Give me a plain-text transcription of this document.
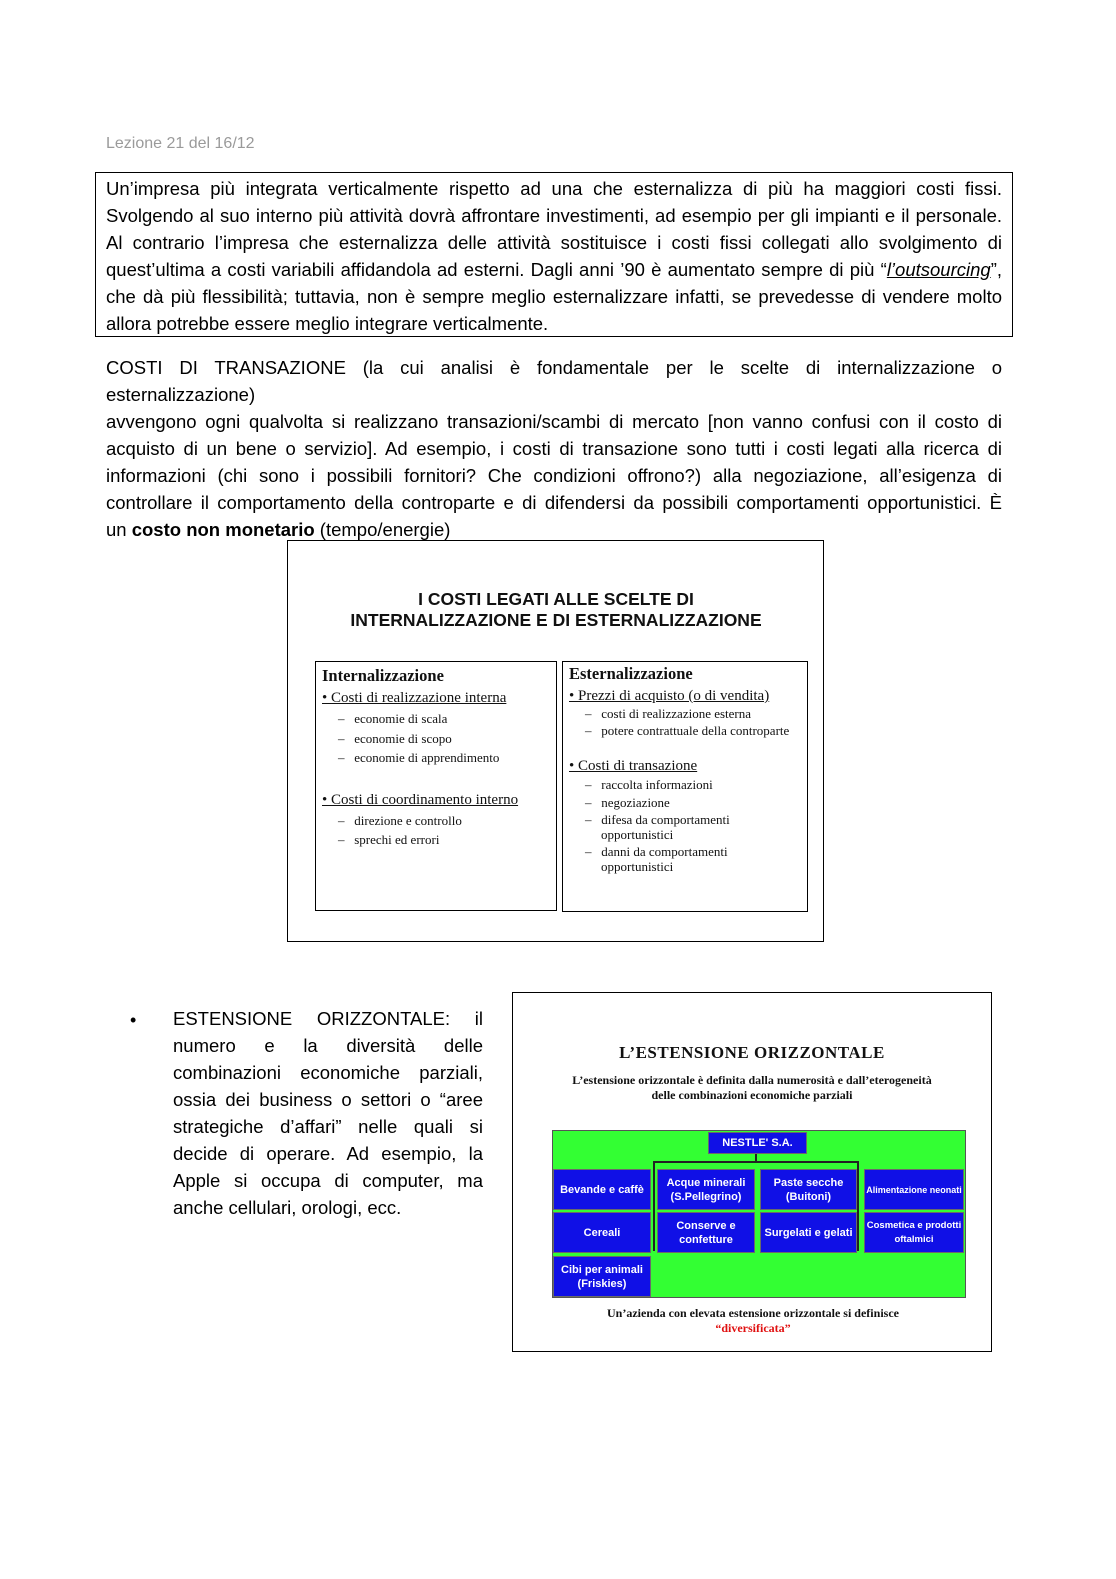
Lezione 21 del 16/12
Un’impresa più integrata verticalmente rispetto ad una che esternalizza di più ha maggiori costi fissi.
Svolgendo al suo interno più attività dovrà affrontare investimenti, ad esempio per gli impianti e il personale.
Al contrario l’impresa che esternalizza delle attività sostituisce i costi fissi collegati allo svolgimento di
quest’ultima a costi variabili affidandola ad esterni. Dagli anni ’90 è aumentato sempre di più “l’outsourcing”,
che dà più flessibilità; tuttavia, non è sempre meglio esternalizzare infatti, se prevedesse di vendere molto
allora potrebbe essere meglio integrare verticalmente.
COSTI DI TRANSAZIONE (la cui analisi è fondamentale per le scelte di internalizzazione o esternalizzazione)
avvengono ogni qualvolta si realizzano transazioni/scambi di mercato [non vanno confusi con il costo di
acquisto di un bene o servizio]. Ad esempio, i costi di transazione sono tutti i costi legati alla ricerca di
informazioni (chi sono i possibili fornitori? Che condizioni offrono?) alla negoziazione, all’esigenza di
controllare il comportamento della controparte e di difendersi da possibili comportamenti opportunistici. È
un costo non monetario (tempo/energie)
I COSTI LEGATI ALLE SCELTE DI
INTERNALIZZAZIONE E DI ESTERNALIZZAZIONE
Internalizzazione
• Costi di realizzazione interna
–   economie di scala
–   economie di scopo
–   economie di apprendimento
• Costi di coordinamento interno
–   direzione e controllo
–   sprechi ed errori
Esternalizzazione
• Prezzi di acquisto (o di vendita)
–   costi di realizzazione esterna
–   potere contrattuale della controparte
• Costi di transazione
–   raccolta informazioni
–   negoziazione
–   difesa da comportamenti opportunistici
–   danni da comportamenti opportunistici
• ESTENSIONE ORIZZONTALE: il
numero e la diversità delle
combinazioni economiche parziali,
ossia dei business o settori o “aree
strategiche d’affari” nelle quali si
decide di operare. Ad esempio, la
Apple si occupa di computer, ma
anche cellulari, orologi, ecc.
L’ESTENSIONE ORIZZONTALE
L’estensione orizzontale è definita dalla numerosità e dall’eterogeneità
delle combinazioni economiche parziali
NESTLE' S.A.
Bevande e caffè
Acque minerali (S.Pellegrino)
Paste secche (Buitoni)
Alimentazione neonati
Cereali
Conserve e confetture
Surgelati e gelati
Cosmetica e prodotti oftalmici
Cibi per animali (Friskies)
Un’azienda con elevata estensione orizzontale si definisce
“diversificata”
